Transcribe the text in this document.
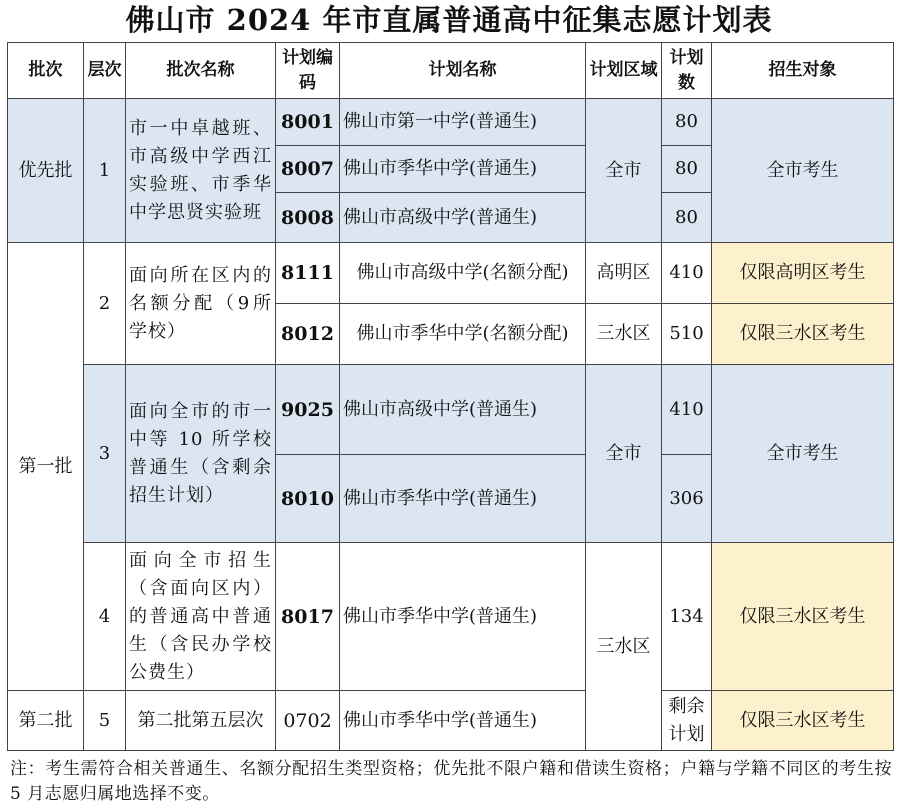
佛山市 2024 年市直属普通高中征集志愿计划表
批次	层次	批次名称	计划编码	计划名称	计划区域	计划数	招生对象
优先批	1	市一中卓越班、市高级中学西江实验班、市季华中学思贤实验班	8001	佛山市第一中学(普通生)	全市	80	全市考生
			8007	佛山市季华中学(普通生)		80	
			8008	佛山市高级中学(普通生)		80	
第一批	2	面向所在区内的名额分配（9所学校）	8111	佛山市高级中学(名额分配)	高明区	410	仅限高明区考生
			8012	佛山市季华中学(名额分配)	三水区	510	仅限三水区考生
	3	面向全市的市一中等 10 所学校普通生（含剩余招生计划）	9025	佛山市高级中学(普通生)	全市	410	全市考生
			8010	佛山市季华中学(普通生)		306	
	4	面向全市招生（含面向区内）的普通高中普通生（含民办学校公费生）	8017	佛山市季华中学(普通生)	三水区	134	仅限三水区考生
第二批	5	第二批第五层次	0702	佛山市季华中学(普通生)		剩余计划	仅限三水区考生
注：考生需符合相关普通生、名额分配招生类型资格；优先批不限户籍和借读生资格；户籍与学籍不同区的考生按 5 月志愿归属地选择不变。
